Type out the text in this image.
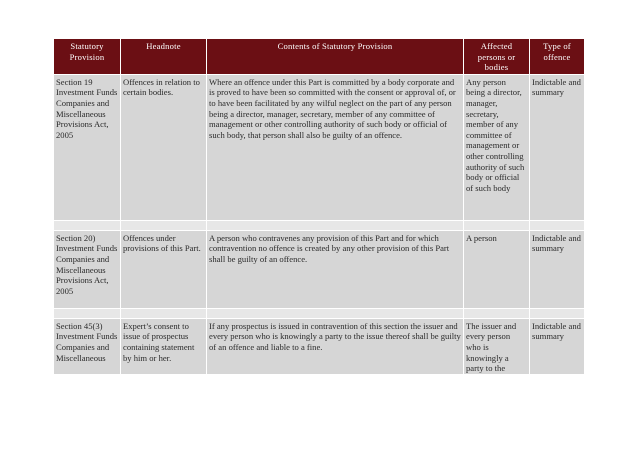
Statutory Provision	Headnote	Contents of Statutory Provision	Affected persons or bodies	Type of offence
Section 19 Investment Funds Companies and Miscellaneous Provisions Act, 2005	Offences in relation to certain bodies.	Where an offence under this Part is committed by a body corporate and is proved to have been so committed with the consent or approval of, or to have been facilitated by any wilful neglect on the part of any person being a director, manager, secretary, member of any committee of management or other controlling authority of such body or official of such body, that person shall also be guilty of an offence.	Any person being a director, manager, secretary, member of any committee of management or other controlling authority of such body or official of such body	Indictable and summary

Section 20) Investment Funds Companies and Miscellaneous Provisions Act, 2005	Offences under provisions of this Part.	A person who contravenes any provision of this Part and for which contravention no offence is created by any other provision of this Part shall be guilty of an offence.	A person	Indictable and summary

Section 45(3) Investment Funds Companies and Miscellaneous	Expert’s consent to issue of prospectus containing statement by him or her.	If any prospectus is issued in contravention of this section the issuer and every person who is knowingly a party to the issue thereof shall be guilty of an offence and liable to a fine.	The issuer and every person who is knowingly a party to the	Indictable and summary
